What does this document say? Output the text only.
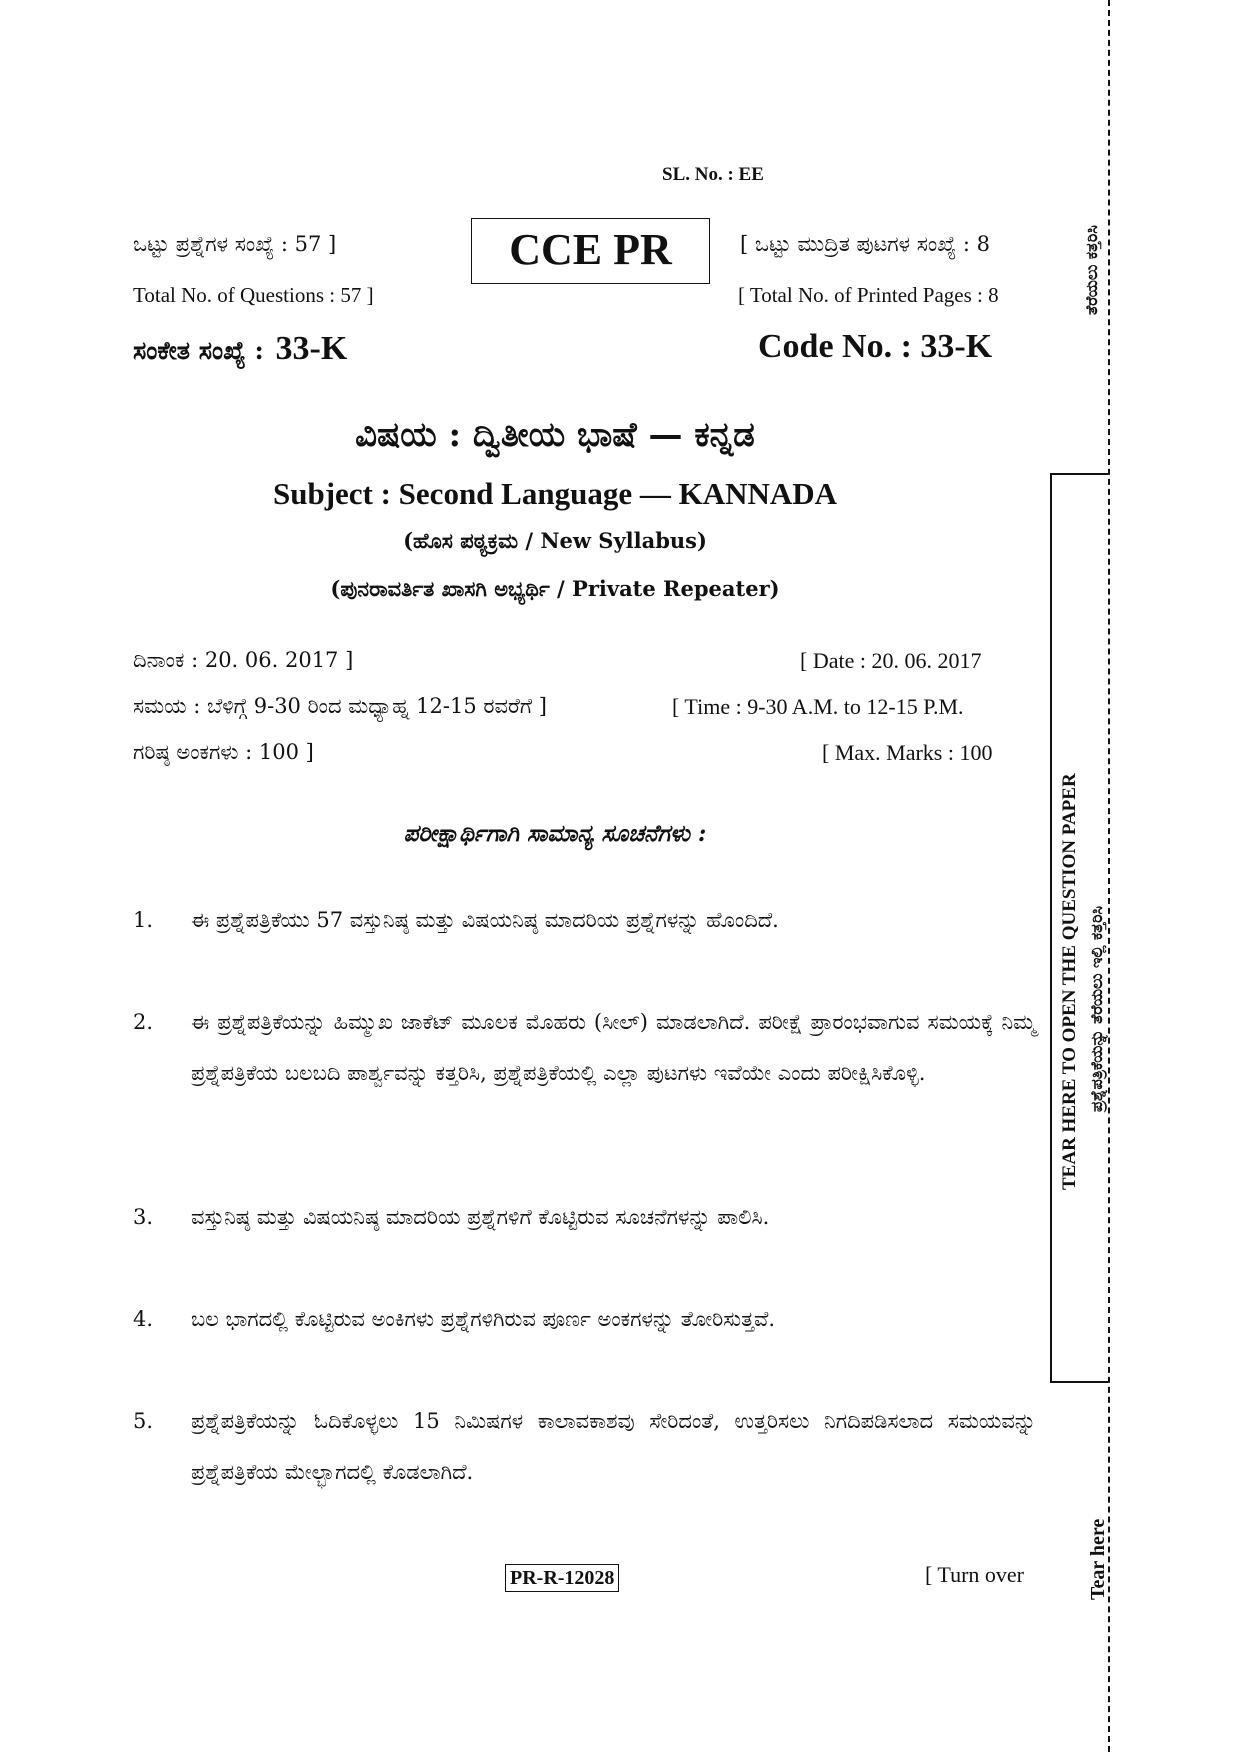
SL. No. : EE
ಒಟ್ಟು ಪ್ರಶ್ನೆಗಳ ಸಂಖ್ಯೆ : 57 ]
Total No. of Questions : 57 ]
CCE PR	[ ಒಟ್ಟು ಮುದ್ರಿತ ಪುಟಗಳ ಸಂಖ್ಯೆ : 8
[ Total No. of Printed Pages : 8
ಸಂಕೇತ ಸಂಖ್ಯೆ : 33-K	Code No. : 33-K
ವಿಷಯ : ದ್ವಿತೀಯ ಭಾಷೆ — ಕನ್ನಡ
Subject : Second Language — KANNADA
(ಹೊಸ ಪಠ್ಯಕ್ರಮ / New Syllabus)
(ಪುನರಾವರ್ತಿತ ಖಾಸಗಿ ಅಭ್ಯರ್ಥಿ / Private Repeater)
ದಿನಾಂಕ : 20. 06. 2017 ]	[ Date : 20. 06. 2017
ಸಮಯ : ಬೆಳಿಗ್ಗೆ 9-30 ರಿಂದ ಮಧ್ಯಾಹ್ನ 12-15 ರವರೆಗೆ ]	[ Time : 9-30 A.M. to 12-15 P.M.
ಗರಿಷ್ಠ ಅಂಕಗಳು : 100 ]	[ Max. Marks : 100
ಪರೀಕ್ಷಾರ್ಥಿಗಾಗಿ ಸಾಮಾನ್ಯ ಸೂಚನೆಗಳು :
1. ಈ ಪ್ರಶ್ನೆಪತ್ರಿಕೆಯು 57 ವಸ್ತುನಿಷ್ಠ ಮತ್ತು ವಿಷಯನಿಷ್ಠ ಮಾದರಿಯ ಪ್ರಶ್ನೆಗಳನ್ನು ಹೊಂದಿದೆ.
2. ಈ ಪ್ರಶ್ನೆಪತ್ರಿಕೆಯನ್ನು ಹಿಮ್ಮುಖ ಜಾಕೆಟ್ ಮೂಲಕ ಮೊಹರು (ಸೀಲ್) ಮಾಡಲಾಗಿದೆ. ಪರೀಕ್ಷೆ ಪ್ರಾರಂಭವಾಗುವ ಸಮಯಕ್ಕೆ ನಿಮ್ಮ ಪ್ರಶ್ನೆಪತ್ರಿಕೆಯ ಬಲಬದಿ ಪಾರ್ಶ್ವವನ್ನು ಕತ್ತರಿಸಿ, ಪ್ರಶ್ನೆಪತ್ರಿಕೆಯಲ್ಲಿ ಎಲ್ಲಾ ಪುಟಗಳು ಇವೆಯೇ ಎಂದು ಪರೀಕ್ಷಿಸಿಕೊಳ್ಳಿ.
3. ವಸ್ತುನಿಷ್ಠ ಮತ್ತು ವಿಷಯನಿಷ್ಠ ಮಾದರಿಯ ಪ್ರಶ್ನೆಗಳಿಗೆ ಕೊಟ್ಟಿರುವ ಸೂಚನೆಗಳನ್ನು ಪಾಲಿಸಿ.
4. ಬಲ ಭಾಗದಲ್ಲಿ ಕೊಟ್ಟಿರುವ ಅಂಕಿಗಳು ಪ್ರಶ್ನೆಗಳಿಗಿರುವ ಪೂರ್ಣ ಅಂಕಗಳನ್ನು ತೋರಿಸುತ್ತವೆ.
5. ಪ್ರಶ್ನೆಪತ್ರಿಕೆಯನ್ನು ಓದಿಕೊಳ್ಳಲು 15 ನಿಮಿಷಗಳ ಕಾಲಾವಕಾಶವು ಸೇರಿದಂತೆ, ಉತ್ತರಿಸಲು ನಿಗದಿಪಡಿಸಲಾದ ಸಮಯವನ್ನು ಪ್ರಶ್ನೆಪತ್ರಿಕೆಯ ಮೇಲ್ಭಾಗದಲ್ಲಿ ಕೊಡಲಾಗಿದೆ.
PR-R-12028	[ Turn over
ತೆರೆಯಲು ಕತ್ತರಿಸಿ
TEAR HERE TO OPEN THE QUESTION PAPER ಪ್ರಶ್ನೆಪತ್ರಿಕೆಯನ್ನು ತೆರೆಯಲು ಇಲ್ಲಿ ಕತ್ತರಿಸಿ
Tear here
